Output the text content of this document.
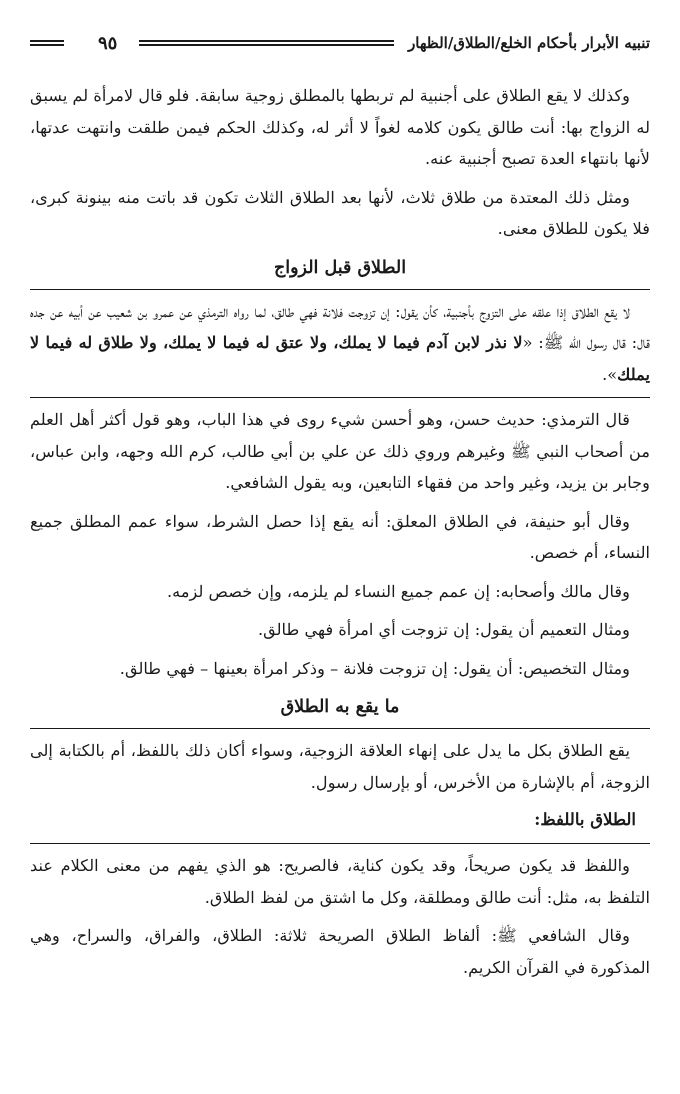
تنبيه الأبرار بأحكام الخلع/الطلاق/الظهار
٩٥

وكذلك لا يقع الطلاق على أجنبية لم تربطها بالمطلق زوجية سابقة. فلو قال لامرأة لم يسبق له الزواج بها: أنت طالق يكون كلامه لغواً لا أثر له، وكذلك الحكم فيمن طلقت وانتهت عدتها، لأنها بانتهاء العدة تصبح أجنبية عنه.

ومثل ذلك المعتدة من طلاق ثلاث، لأنها بعد الطلاق الثلاث تكون قد باتت منه بينونة كبرى، فلا يكون للطلاق معنى.

الطلاق قبل الزواج

لا يقع الطلاق إذا علقه على التزوج بأجنبية، كأن يقول: إن تزوجت فلانة فهي طالق، لما رواه الترمذي عن عمرو بن شعيب عن أبيه عن جده قال: قال رسول الله ﷺ: «لا نذر لابن آدم فيما لا يملك، ولا عتق له فيما لا يملك، ولا طلاق له فيما لا يملك».

قال الترمذي: حديث حسن، وهو أحسن شيء روى في هذا الباب، وهو قول أكثر أهل العلم من أصحاب النبي ﷺ وغيرهم وروي ذلك عن علي بن أبي طالب، كرم الله وجهه، وابن عباس، وجابر بن يزيد، وغير واحد من فقهاء التابعين، وبه يقول الشافعي.

وقال أبو حنيفة، في الطلاق المعلق: أنه يقع إذا حصل الشرط، سواء عمم المطلق جميع النساء، أم خصص.

وقال مالك وأصحابه: إن عمم جميع النساء لم يلزمه، وإن خصص لزمه.

ومثال التعميم أن يقول: إن تزوجت أي امرأة فهي طالق.

ومثال التخصيص: أن يقول: إن تزوجت فلانة – وذكر امرأة بعينها – فهي طالق.

ما يقع به الطلاق

يقع الطلاق بكل ما يدل على إنهاء العلاقة الزوجية، وسواء أكان ذلك باللفظ، أم بالكتابة إلى الزوجة، أم بالإشارة من الأخرس، أو بإرسال رسول.

الطلاق باللفظ:

واللفظ قد يكون صريحاً، وقد يكون كناية، فالصريح: هو الذي يفهم من معنى الكلام عند التلفظ به، مثل: أنت طالق ومطلقة، وكل ما اشتق من لفظ الطلاق.

وقال الشافعي ﷺ: ألفاظ الطلاق الصريحة ثلاثة: الطلاق، والفراق، والسراح، وهي المذكورة في القرآن الكريم.
